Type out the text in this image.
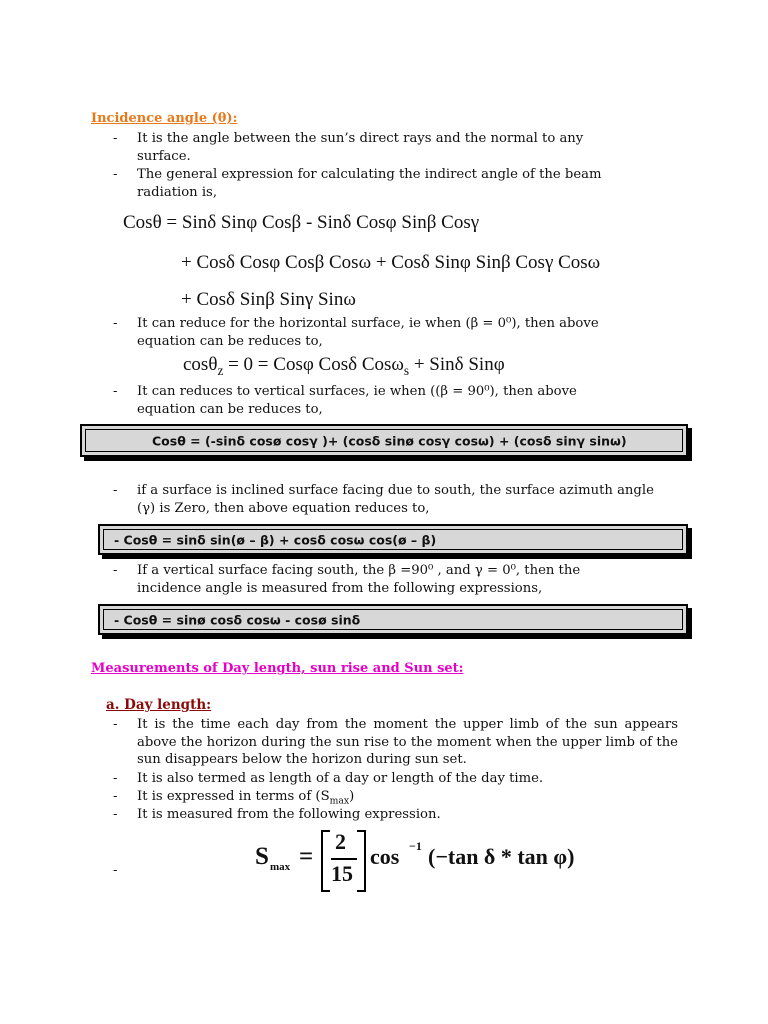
Incidence angle (θ):
-	It is the angle between the sun’s direct rays and the normal to any surface.
-	The general expression for calculating the indirect angle of the beam radiation is,
Cosθ = Sinδ Sinφ Cosβ - Sinδ Cosφ Sinβ Cosγ
+ Cosδ Cosφ Cosβ Cosω + Cosδ Sinφ Sinβ Cosγ Cosω
+ Cosδ Sinβ Sinγ Sinω
-	It can reduce for the horizontal surface, ie when (β = 0⁰), then above equation can be reduces to,
cosθ$_z$ = 0 = Cosφ Cosδ Cosω$_s$ + Sinδ Sinφ
-	It can reduces to vertical surfaces, ie when ((β = 90⁰), then above equation can be reduces to,
Cosθ = (-sinδ cosø cosγ )+ (cosδ sinø cosγ cosω) + (cosδ sinγ sinω)
-	if a surface is inclined surface facing due to south, the surface azimuth angle (γ) is Zero, then above equation reduces to,
- Cosθ = sinδ sin(ø – β) + cosδ cosω cos(ø – β)
-	If a vertical surface facing south, the β =90⁰ , and γ = 0⁰, then the incidence angle is measured from the following expressions,
- Cosθ = sinø cosδ cosω - cosø sinδ
Measurements of Day length, sun rise and Sun set:
a. Day length:
-	It is the time each day from the moment the upper limb of the sun appears above the horizon during the sun rise to the moment when the upper limb of the sun disappears below the horizon during sun set.
-	It is also termed as length of a day or length of the day time.
-	It is expressed in terms of $(S_{max})$
-	It is measured from the following expression.
-
S max =
2
15
cos −1 (−tan δ * tan φ)
